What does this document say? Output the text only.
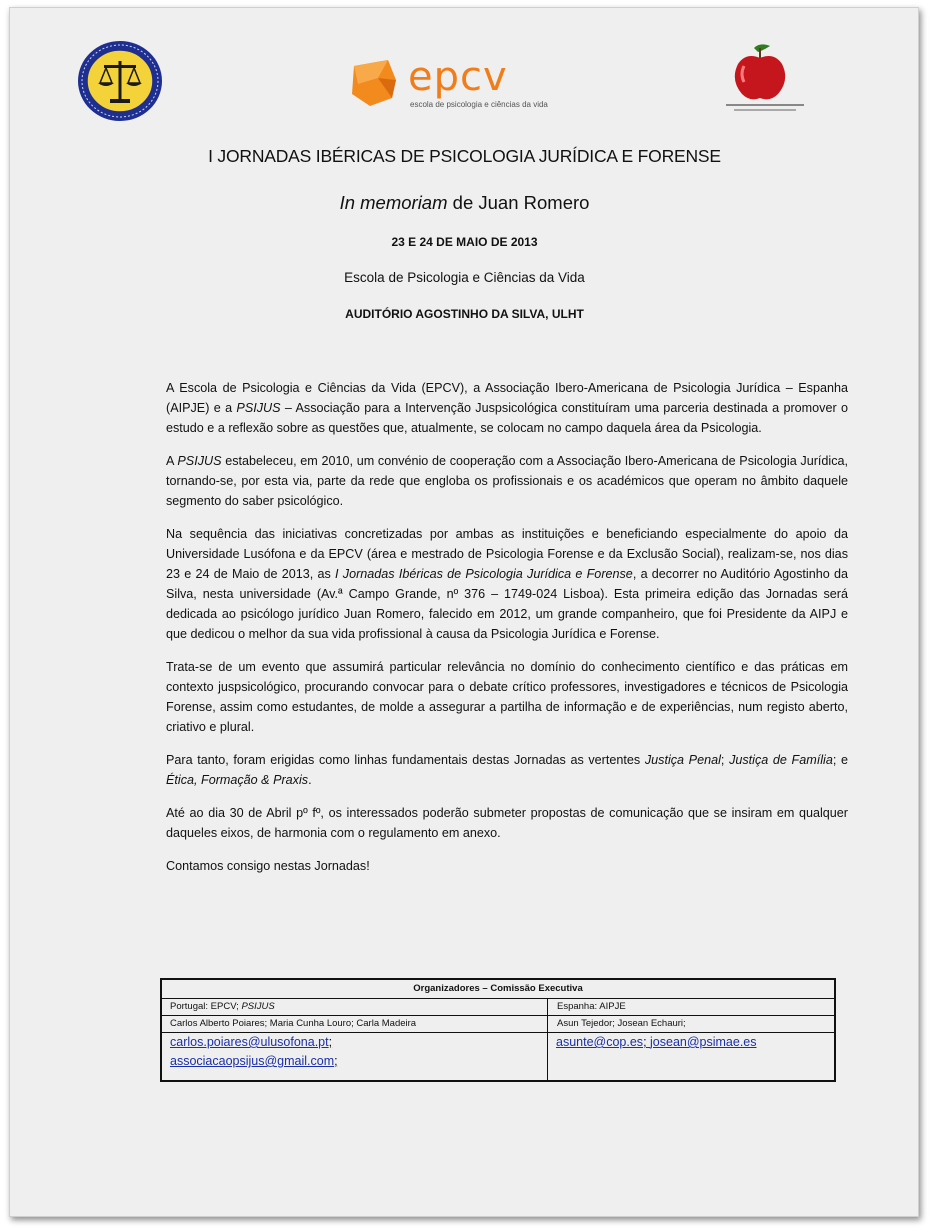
epcv
escola de psicologia e ciências da vida
I JORNADAS IBÉRICAS DE PSICOLOGIA JURÍDICA E FORENSE
In memoriam de Juan Romero
23 E 24 DE MAIO DE 2013
Escola de Psicologia e Ciências da Vida
AUDITÓRIO AGOSTINHO DA SILVA, ULHT

A Escola de Psicologia e Ciências da Vida (EPCV), a Associação Ibero-Americana de Psicologia Jurídica – Espanha (AIPJE) e a PSIJUS – Associação para a Intervenção Juspsicológica constituíram uma parceria destinada a promover o estudo e a reflexão sobre as questões que, atualmente, se colocam no campo daquela área da Psicologia.

A PSIJUS estabeleceu, em 2010, um convénio de cooperação com a Associação Ibero-Americana de Psicologia Jurídica, tornando-se, por esta via, parte da rede que engloba os profissionais e os académicos que operam no âmbito daquele segmento do saber psicológico.

Na sequência das iniciativas concretizadas por ambas as instituições e beneficiando especialmente do apoio da Universidade Lusófona e da EPCV (área e mestrado de Psicologia Forense e da Exclusão Social), realizam-se, nos dias 23 e 24 de Maio de 2013, as I Jornadas Ibéricas de Psicologia Jurídica e Forense, a decorrer no Auditório Agostinho da Silva, nesta universidade (Av.ª Campo Grande, nº 376 – 1749-024 Lisboa). Esta primeira edição das Jornadas será dedicada ao psicólogo jurídico Juan Romero, falecido em 2012, um grande companheiro, que foi Presidente da AIPJ e que dedicou o melhor da sua vida profissional à causa da Psicologia Jurídica e Forense.

Trata-se de um evento que assumirá particular relevância no domínio do conhecimento científico e das práticas em contexto juspsicológico, procurando convocar para o debate crítico professores, investigadores e técnicos de Psicologia Forense, assim como estudantes, de molde a assegurar a partilha de informação e de experiências, num registo aberto, criativo e plural.

Para tanto, foram erigidas como linhas fundamentais destas Jornadas as vertentes Justiça Penal; Justiça de Família; e Ética, Formação & Praxis.

Até ao dia 30 de Abril pº fº, os interessados poderão submeter propostas de comunicação que se insiram em qualquer daqueles eixos, de harmonia com o regulamento em anexo.

Contamos consigo nestas Jornadas!

Organizadores – Comissão Executiva
Portugal: EPCV; PSIJUS	Espanha: AIPJE
Carlos Alberto Poiares; Maria Cunha Louro; Carla Madeira	Asun Tejedor; Josean Echauri;
carlos.poiares@ulusofona.pt;
associacaopsijus@gmail.com;
asunte@cop.es; josean@psimae.es
